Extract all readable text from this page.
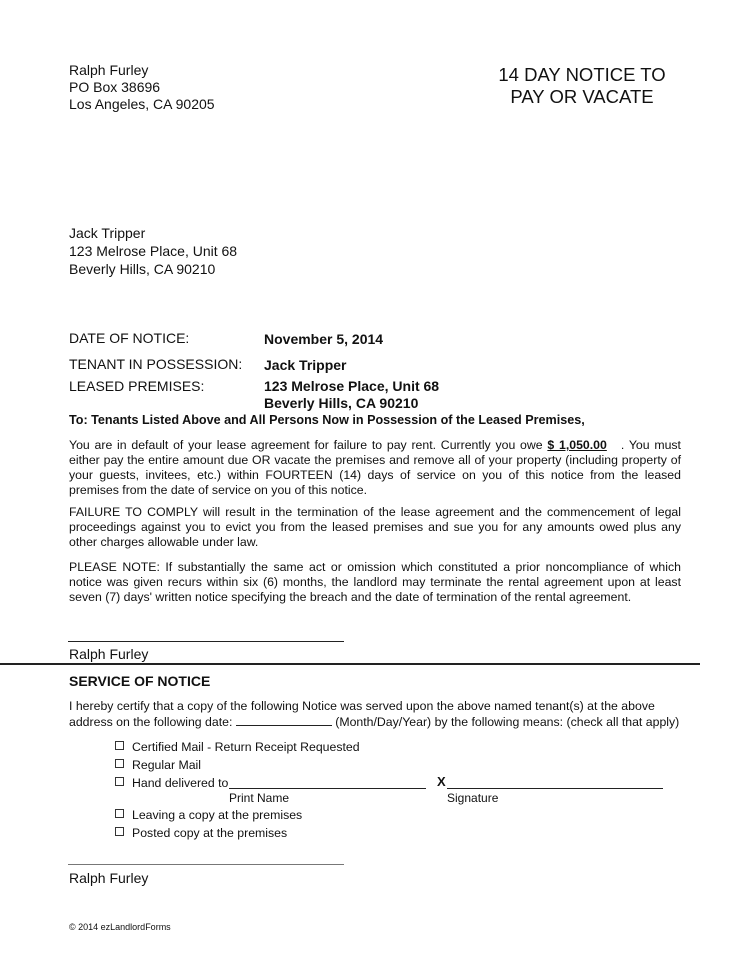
Ralph Furley
PO Box 38696
Los Angeles, CA 90205
14 DAY NOTICE TO
PAY OR VACATE
Jack Tripper
123 Melrose Place, Unit 68
Beverly Hills, CA 90210
DATE OF NOTICE:	November 5, 2014
TENANT IN POSSESSION: Jack Tripper
LEASED PREMISES:	123 Melrose Place, Unit 68
Beverly Hills, CA 90210
To: Tenants Listed Above and All Persons Now in Possession of the Leased Premises,
You are in default of your lease agreement for failure to pay rent. Currently you owe $ 1,050.00 . You must either pay the entire amount due OR vacate the premises and remove all of your property (including property of your guests, invitees, etc.) within FOURTEEN (14) days of service on you of this notice from the leased premises from the date of service on you of this notice.
FAILURE TO COMPLY will result in the termination of the lease agreement and the commencement of legal proceedings against you to evict you from the leased premises and sue you for any amounts owed plus any other charges allowable under law.
PLEASE NOTE: If substantially the same act or omission which constituted a prior noncompliance of which notice was given recurs within six (6) months, the landlord may terminate the rental agreement upon at least seven (7) days' written notice specifying the breach and the date of termination of the rental agreement.
Ralph Furley
SERVICE OF NOTICE
I hereby certify that a copy of the following Notice was served upon the above named tenant(s) at the above
address on the following date:	(Month/Day/Year) by the following means: (check all that apply)
Certified Mail - Return Receipt Requested
Regular Mail
Hand delivered to	X
Print Name	Signature
Leaving a copy at the premises
Posted copy at the premises
Ralph Furley
© 2014 ezLandlordForms
